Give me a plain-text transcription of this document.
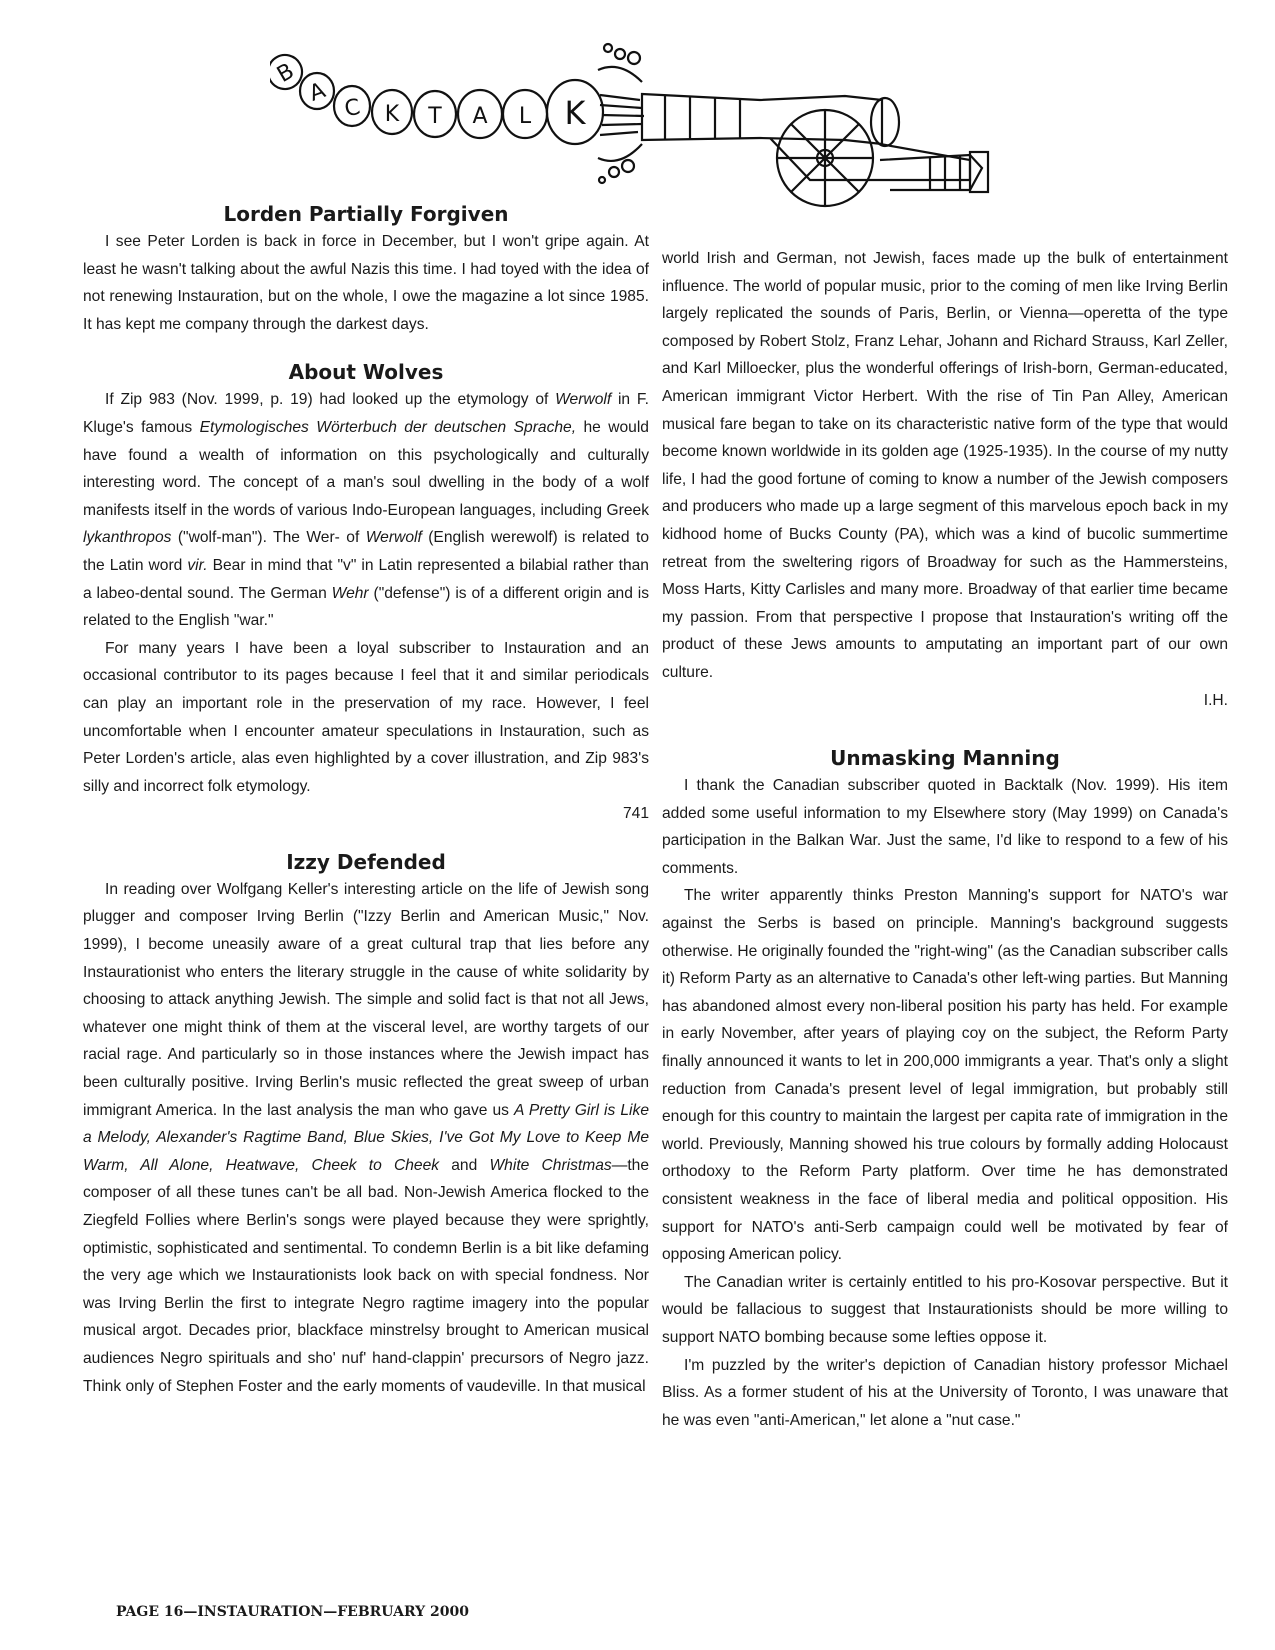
B
A
C K T A L K
Lorden Partially Forgiven

I see Peter Lorden is back in force in December, but I won't gripe again. At least he wasn't talking about the awful Nazis this time. I had toyed with the idea of not renewing Instauration, but on the whole, I owe the magazine a lot since 1985. It has kept me company through the darkest days.

About Wolves

If Zip 983 (Nov. 1999, p. 19) had looked up the etymology of Werwolf in F. Kluge's famous Etymologisches Wörterbuch der deutschen Sprache, he would have found a wealth of information on this psychologically and culturally interesting word. The concept of a man's soul dwelling in the body of a wolf manifests itself in the words of various Indo-European languages, including Greek lykanthropos ("wolf-man"). The Wer- of Werwolf (English werewolf) is related to the Latin word vir. Bear in mind that "v" in Latin represented a bilabial rather than a labeo-dental sound. The German Wehr ("defense") is of a different origin and is related to the English "war."

For many years I have been a loyal subscriber to Instauration and an occasional contributor to its pages because I feel that it and similar periodicals can play an important role in the preservation of my race. However, I feel uncomfortable when I encounter amateur speculations in Instauration, such as Peter Lorden's article, alas even highlighted by a cover illustration, and Zip 983's silly and incorrect folk etymology.

741

Izzy Defended

In reading over Wolfgang Keller's interesting article on the life of Jewish song plugger and composer Irving Berlin ("Izzy Berlin and American Music," Nov. 1999), I become uneasily aware of a great cultural trap that lies before any Instaurationist who enters the literary struggle in the cause of white solidarity by choosing to attack anything Jewish. The simple and solid fact is that not all Jews, whatever one might think of them at the visceral level, are worthy targets of our racial rage. And particularly so in those instances where the Jewish impact has been culturally positive. Irving Berlin's music reflected the great sweep of urban immigrant America. In the last analysis the man who gave us A Pretty Girl is Like a Melody, Alexander's Ragtime Band, Blue Skies, I've Got My Love to Keep Me Warm, All Alone, Heatwave, Cheek to Cheek and White Christmas—the composer of all these tunes can't be all bad. Non-Jewish America flocked to the Ziegfeld Follies where Berlin's songs were played because they were sprightly, optimistic, sophisticated and sentimental. To condemn Berlin is a bit like defaming the very age which we Instaurationists look back on with special fondness. Nor was Irving Berlin the first to integrate Negro ragtime imagery into the popular musical argot. Decades prior, blackface minstrelsy brought to American musical audiences Negro spirituals and sho' nuf' hand-clappin' precursors of Negro jazz. Think only of Stephen Foster and the early moments of vaudeville. In that musical

world Irish and German, not Jewish, faces made up the bulk of entertainment influence. The world of popular music, prior to the coming of men like Irving Berlin largely replicated the sounds of Paris, Berlin, or Vienna—operetta of the type composed by Robert Stolz, Franz Lehar, Johann and Richard Strauss, Karl Zeller, and Karl Milloecker, plus the wonderful offerings of Irish-born, German-educated, American immigrant Victor Herbert. With the rise of Tin Pan Alley, American musical fare began to take on its characteristic native form of the type that would become known worldwide in its golden age (1925-1935). In the course of my nutty life, I had the good fortune of coming to know a number of the Jewish composers and producers who made up a large segment of this marvelous epoch back in my kidhood home of Bucks County (PA), which was a kind of bucolic summertime retreat from the sweltering rigors of Broadway for such as the Hammersteins, Moss Harts, Kitty Carlisles and many more. Broadway of that earlier time became my passion. From that perspective I propose that Instauration's writing off the product of these Jews amounts to amputating an important part of our own culture.

I.H.

Unmasking Manning

I thank the Canadian subscriber quoted in Backtalk (Nov. 1999). His item added some useful information to my Elsewhere story (May 1999) on Canada's participation in the Balkan War. Just the same, I'd like to respond to a few of his comments.

The writer apparently thinks Preston Manning's support for NATO's war against the Serbs is based on principle. Manning's background suggests otherwise. He originally founded the "right-wing" (as the Canadian subscriber calls it) Reform Party as an alternative to Canada's other left-wing parties. But Manning has abandoned almost every non-liberal position his party has held. For example in early November, after years of playing coy on the subject, the Reform Party finally announced it wants to let in 200,000 immigrants a year. That's only a slight reduction from Canada's present level of legal immigration, but probably still enough for this country to maintain the largest per capita rate of immigration in the world. Previously, Manning showed his true colours by formally adding Holocaust orthodoxy to the Reform Party platform. Over time he has demonstrated consistent weakness in the face of liberal media and political opposition. His support for NATO's anti-Serb campaign could well be motivated by fear of opposing American policy.

The Canadian writer is certainly entitled to his pro-Kosovar perspective. But it would be fallacious to suggest that Instaurationists should be more willing to support NATO bombing because some lefties oppose it.

I'm puzzled by the writer's depiction of Canadian history professor Michael Bliss. As a former student of his at the University of Toronto, I was unaware that he was even "anti-American," let alone a "nut case."

PAGE 16—INSTAURATION—FEBRUARY 2000
